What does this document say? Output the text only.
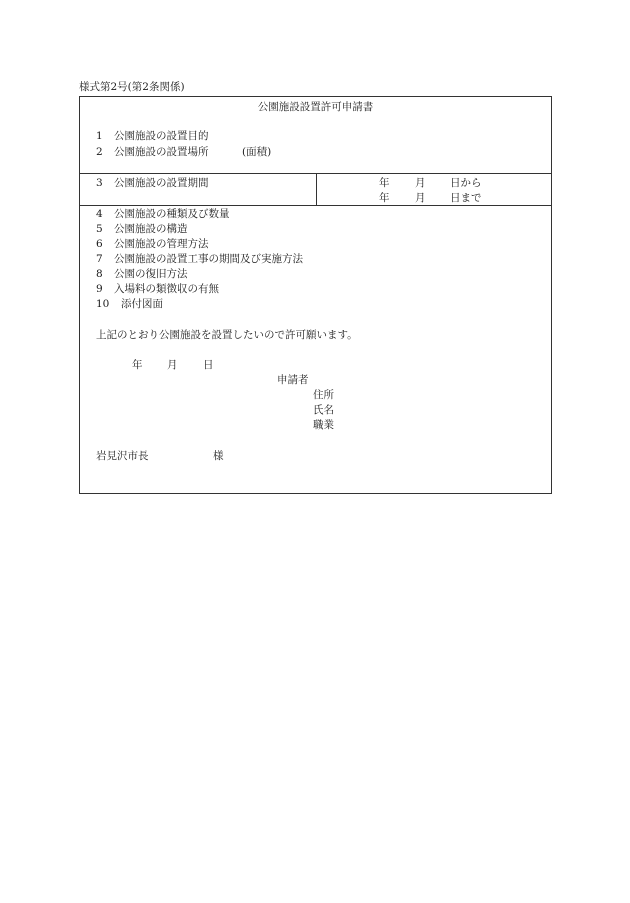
様式第2号(第2条関係)
公園施設設置許可申請書
1 公園施設の設置目的
2 公園施設の設置場所	(面積)
3 公園施設の設置期間	年 月 日から
年 月 日まで
4 公園施設の種類及び数量
5 公園施設の構造
6 公園施設の管理方法
7 公園施設の設置工事の期間及び実施方法
8 公園の復旧方法
9 入場料の類徴収の有無
10 添付図面
上記のとおり公園施設を設置したいので許可願います。
年 月 日
申請者
住所
氏名
職業
岩見沢市長	様
